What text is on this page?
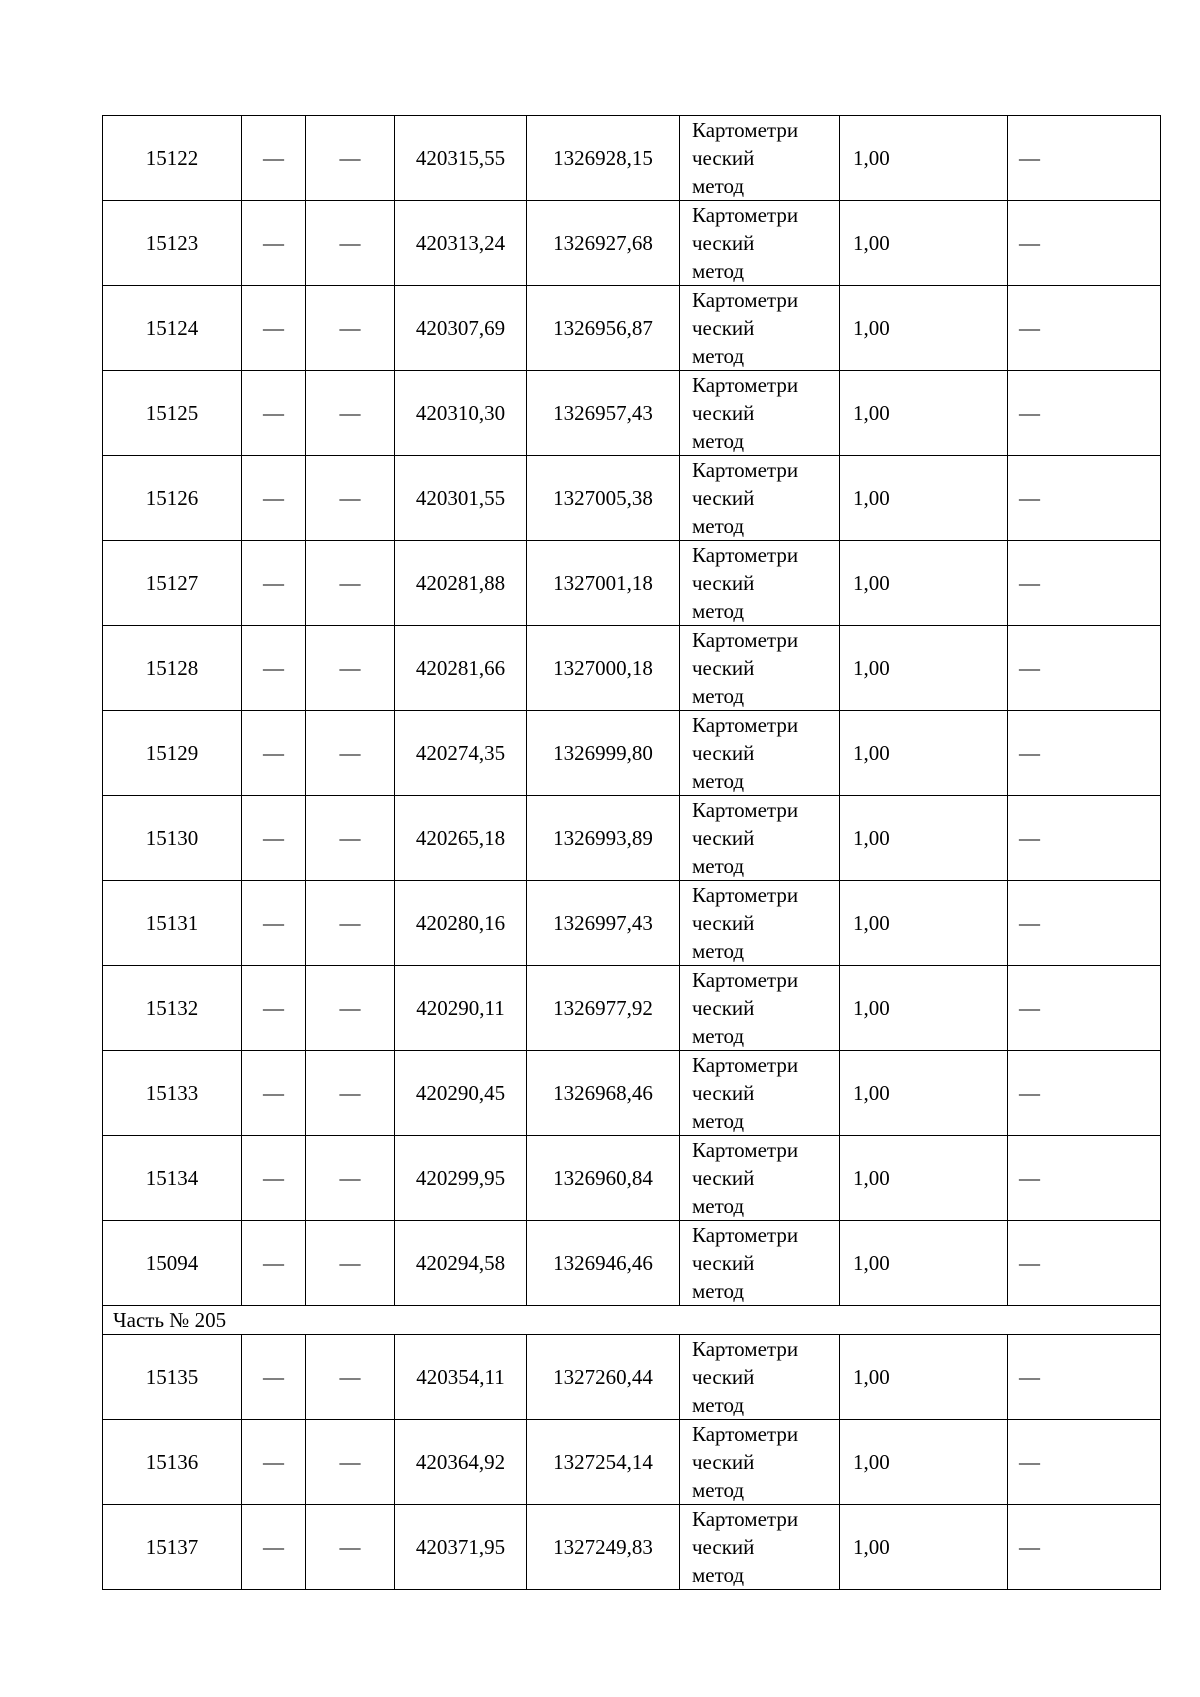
15122	—	—	420315,55	1326928,15	Картометри
ческий
метод	1,00	—
15123	—	—	420313,24	1326927,68	Картометри
ческий
метод	1,00	—
15124	—	—	420307,69	1326956,87	Картометри
ческий
метод	1,00	—
15125	—	—	420310,30	1326957,43	Картометри
ческий
метод	1,00	—
15126	—	—	420301,55	1327005,38	Картометри
ческий
метод	1,00	—
15127	—	—	420281,88	1327001,18	Картометри
ческий
метод	1,00	—
15128	—	—	420281,66	1327000,18	Картометри
ческий
метод	1,00	—
15129	—	—	420274,35	1326999,80	Картометри
ческий
метод	1,00	—
15130	—	—	420265,18	1326993,89	Картометри
ческий
метод	1,00	—
15131	—	—	420280,16	1326997,43	Картометри
ческий
метод	1,00	—
15132	—	—	420290,11	1326977,92	Картометри
ческий
метод	1,00	—
15133	—	—	420290,45	1326968,46	Картометри
ческий
метод	1,00	—
15134	—	—	420299,95	1326960,84	Картометри
ческий
метод	1,00	—
15094	—	—	420294,58	1326946,46	Картометри
ческий
метод	1,00	—
Часть № 205							
15135	—	—	420354,11	1327260,44	Картометри
ческий
метод	1,00	—
15136	—	—	420364,92	1327254,14	Картометри
ческий
метод	1,00	—
15137	—	—	420371,95	1327249,83	Картометри
ческий
метод	1,00	—
